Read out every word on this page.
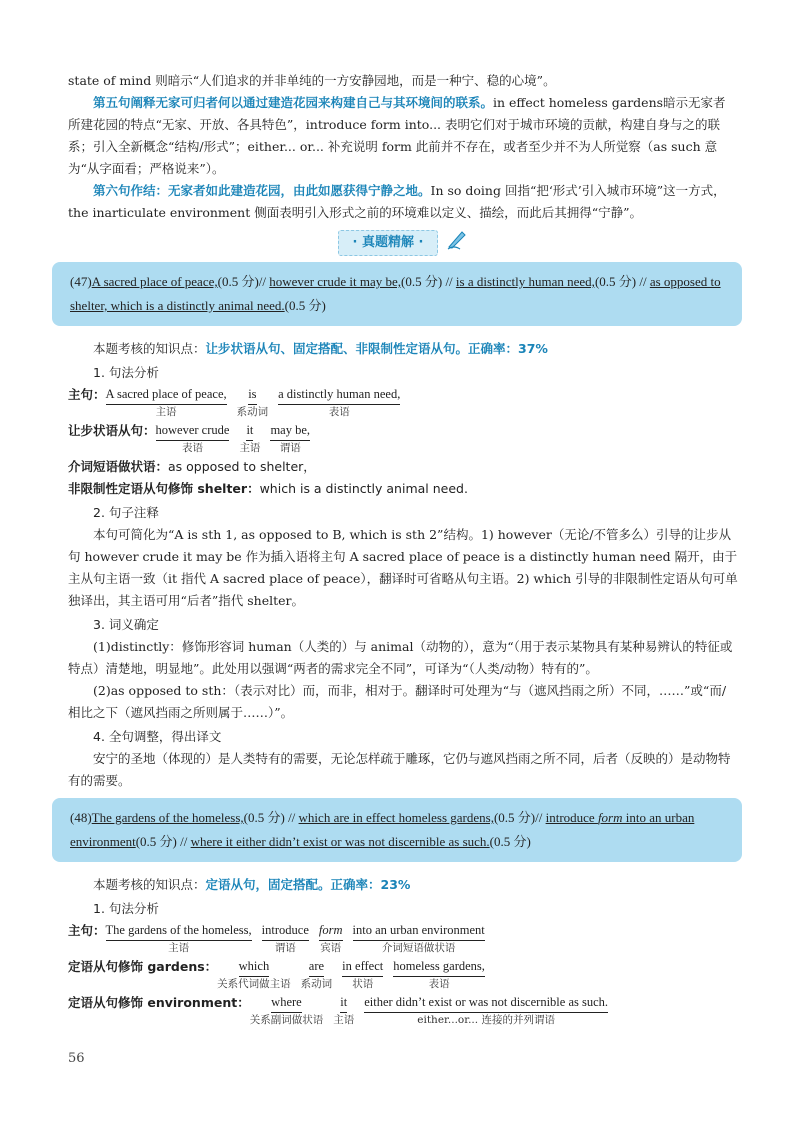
state of mind 则暗示“人们追求的并非单纯的一方安静园地，而是一种宁、稳的心境”。

第五句阐释无家可归者何以通过建造花园来构建自己与其环境间的联系。in effect homeless gardens暗示无家者所建花园的特点“无家、开放、各具特色”，introduce form into... 表明它们对于城市环境的贡献，构建自身与之的联系；引入全新概念“结构/形式”；either... or... 补充说明 form 此前并不存在，或者至少并不为人所觉察（as such 意为“从字面看；严格说来”）。

第六句作结：无家者如此建造花园，由此如愿获得宁静之地。In so doing 回指“把‘形式’引入城市环境”这一方式，the inarticulate environment 侧面表明引入形式之前的环境难以定义、描绘，而此后其拥得“宁静”。

· 真题精解 ·
(47)A sacred place of peace,(0.5 分)// however crude it may be,(0.5 分) // is a distinctly human need,(0.5 分) // as opposed to shelter, which is a distinctly animal need.(0.5 分)

本题考核的知识点：让步状语从句、固定搭配、非限制性定语从句。正确率：37%

1. 句法分析

主句： A sacred place of peace,
主语
is
系动词
a distinctly human need,
表语
让步状语从句： however crude
表语
it
主语
may be,
谓语

介词短语做状语：as opposed to shelter，

非限制性定语从句修饰 shelter：which is a distinctly animal need.

2. 句子注释

本句可简化为“A is sth 1, as opposed to B, which is sth 2”结构。1) however（无论/不管多么）引导的让步从句 however crude it may be 作为插入语将主句 A sacred place of peace is a distinctly human need 隔开，由于主从句主语一致（it 指代 A sacred place of peace），翻译时可省略从句主语。2) which 引导的非限制性定语从句可单独译出，其主语可用“后者”指代 shelter。

3. 词义确定

(1)distinctly：修饰形容词 human（人类的）与 animal（动物的），意为“（用于表示某物具有某种易辨认的特征或特点）清楚地，明显地”。此处用以强调“两者的需求完全不同”，可译为“（人类/动物）特有的”。

(2)as opposed to sth：（表示对比）而，而非，相对于。翻译时可处理为“与（遮风挡雨之所）不同，……”或“而/相比之下（遮风挡雨之所则属于……）”。

4. 全句调整，得出译文

安宁的圣地（体现的）是人类特有的需要，无论怎样疏于雕琢，它仍与遮风挡雨之所不同，后者（反映的）是动物特有的需要。

(48)The gardens of the homeless,(0.5 分) // which are in effect homeless gardens,(0.5 分)// introduce form into an urban environment(0.5 分) // where it either didn’t exist or was not discernible as such.(0.5 分)

本题考核的知识点：定语从句，固定搭配。正确率：23%

1. 句法分析

主句： The gardens of the homeless,
主语
introduce
谓语
form
宾语
into an urban environment
介词短语做状语
定语从句修饰 gardens： which
关系代词做主语
are
系动词
in effect
状语
homeless gardens,
表语
定语从句修饰 environment： where
关系副词做状语
it
主语
either didn’t exist or was not discernible as such.
either...or... 连接的并列谓语
56
